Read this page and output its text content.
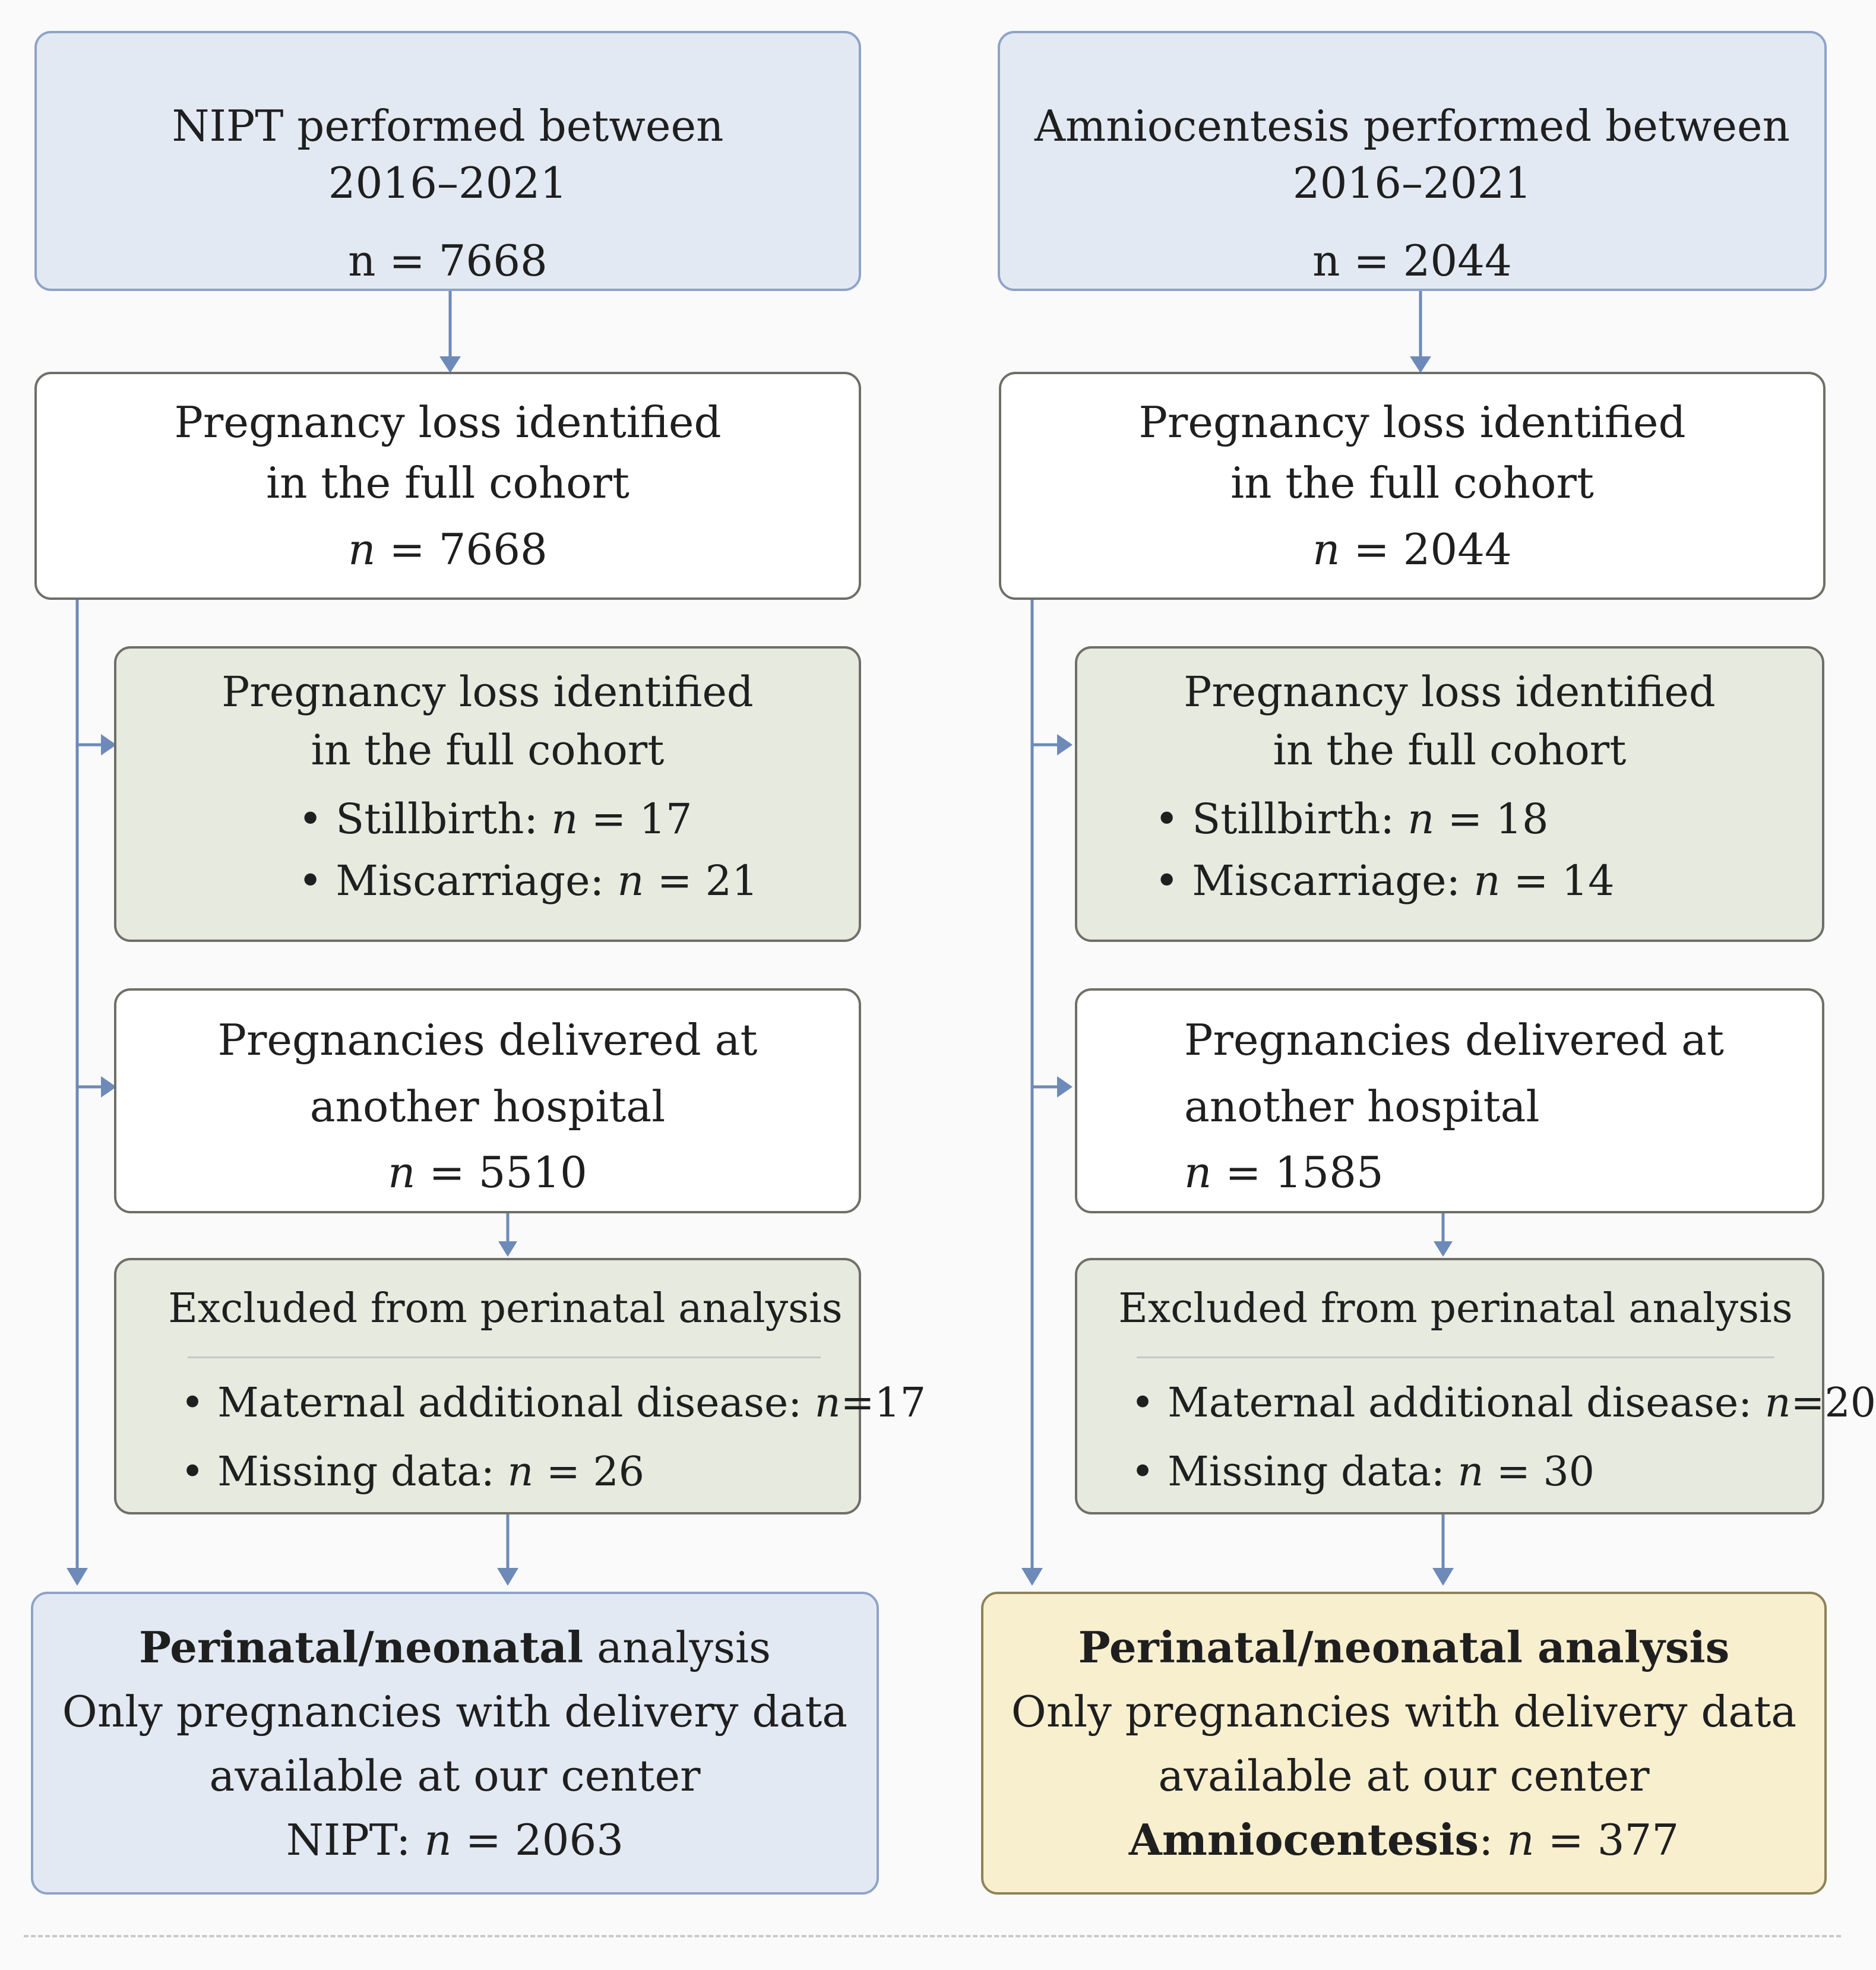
NIPT performed between
2016–2021
n = 7668
Pregnancy loss identified
in the full cohort
n = 7668
Pregnancy loss identified
in the full cohort
• Stillbirth: n = 17
• Miscarriage: n = 21
Pregnancies delivered at
another hospital
n = 5510
Excluded from perinatal analysis
• Maternal additional disease: n=17
• Missing data: n = 26
Perinatal/neonatal analysis
Only pregnancies with delivery data
available at our center
NIPT: n = 2063
Amniocentesis performed between
2016–2021
n = 2044
Pregnancy loss identified
in the full cohort
n = 2044
Pregnancy loss identified
in the full cohort
• Stillbirth: n = 18
• Miscarriage: n = 14
Pregnancies delivered at
another hospital
n = 1585
Excluded from perinatal analysis
• Maternal additional disease: n=20
• Missing data: n = 30
Perinatal/neonatal analysis
Only pregnancies with delivery data
available at our center
Amniocentesis: n = 377
